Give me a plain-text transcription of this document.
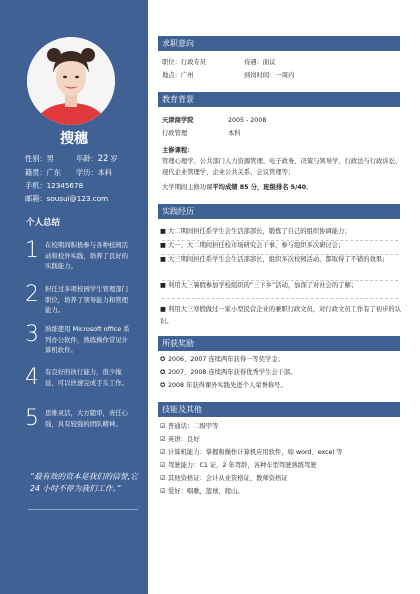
搜穗
性别：男	年龄：22 岁
籍贯：广东 学历：本科
手机：12345678
邮箱：sousui@123.com
个人总结
1 在校期间积极参与各种校园活动和校外实践，培养了良好的实践能力。
2 担任过多项校园学生管理部门职位，培养了领导能力和管理能力。
3 熟练使用 Microsoft office 系列办公软件，熟练操作常见计算机软件。
4 有良好的执行能力，很少拖延，可以快速完成手头工作。
5 思维灵活，大方随审，责任心强，具有较强的团队精神。
“最有效的资本是我们的信誉,它 24 小时不停为我们工作。”
求职意向
职位：行政专员	待遇：面议
地点：广州	到岗时间：一周内
教育背景
天津商学院	2005 - 2008
行政管理	本科
主修课程：
管理心理学、公共部门人力资源管理、电子政务、决策与领导学、行政法与行政诉讼、现代企业管理学、企业公共关系、会议管理等；
大学期间主修功课平均成绩 85 分，班级排名 5/40。
实践经历
■ 大二期间担任系学生会生活部部长，锻炼了自己的组织协调能力；
■ 大一、大二期间担任校市场研究会干事，参与组织多次研讨会；
■ 大三期间担任系学生会生活部部长，组织多次校园活动，都取得了不错的效果；
■ 利用大三暑假参加学校组织的“三下乡”活动，加深了对社会的了解；
■ 利用大三寒假做过一家小型民营企业的兼职行政文员，对行政文员工作有了初步的认识。
所获奖励
✪ 2006、2007 连续两年获得一等奖学金；
✪ 2007、2008 连续两年获得优秀学生会干部。
✪ 2008 年获得课外实践先进个人荣誉称号。
技能及其他
☑ 普通话：二级甲等
☑ 英语：良好
☑ 计算机能力：掌握和操作计算机应用软件，如 word、excel 等
☑ 驾驶能力：C1 证，2 年驾龄，各种车型驾驶熟练驾驶
☑ 其他资格证：会计从业资格证、教师资格证
☑ 爱好：唱歌，篮球，爬山。
